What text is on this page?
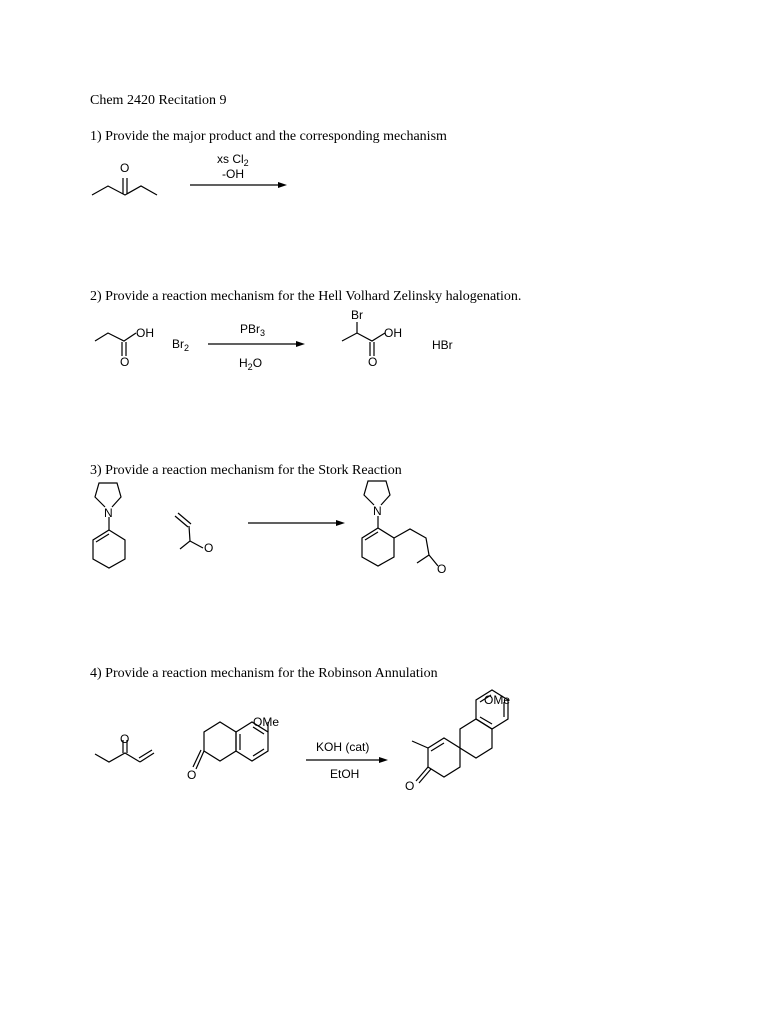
Chem 2420 Recitation 9
1) Provide the major product and the corresponding mechanism
2) Provide a reaction mechanism for the Hell Volhard Zelinsky halogenation.
3) Provide a reaction mechanism for the Stork Reaction
4) Provide a reaction mechanism for the Robinson Annulation
O
xs $Cl_2$
-OH
OH
O
$Br_2$
PBr$_3$
$H_2O$
Br
OH
O
HBr
N
O
N
O
O
OMe
O
KOH (cat)
EtOH
OMe
O
